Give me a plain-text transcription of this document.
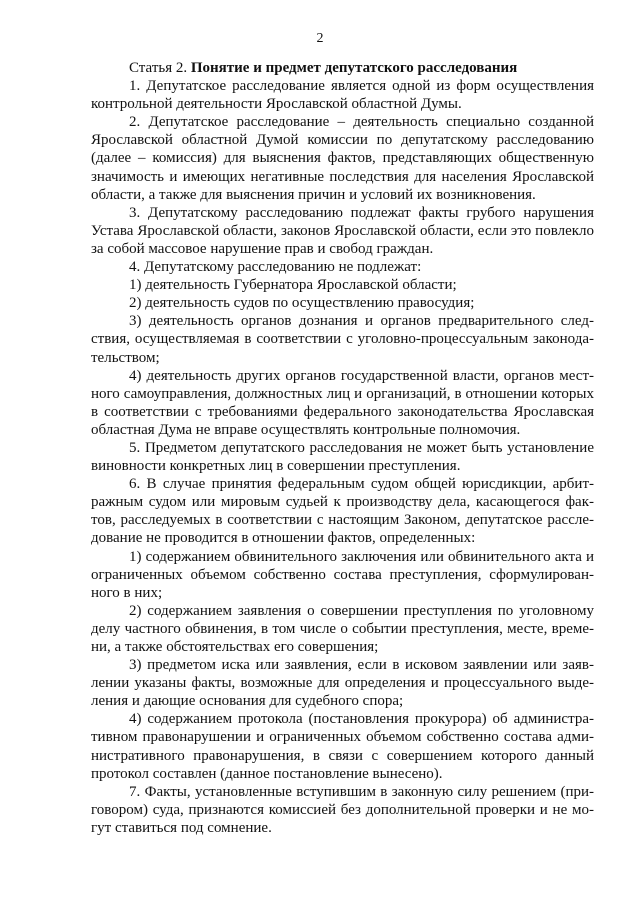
2

Статья 2. Понятие и предмет депутатского расследования

1. Депутатское расследование является одной из форм осуществления контрольной деятельности Ярославской областной Думы.

2. Депутатское расследование – деятельность специально созданной Ярославской областной Думой комиссии по депутатскому расследованию (далее – комиссия) для выяснения фактов, представляющих общественную значимость и имеющих негативные последствия для населения Ярославской области, а также для выяснения причин и условий их возникновения.

3. Депутатскому расследованию подлежат факты грубого нарушения Устава Ярославской области, законов Ярославской области, если это повлекло за собой массовое нарушение прав и свобод граждан.

4. Депутатскому расследованию не подлежат:

1) деятельность Губернатора Ярославской области;

2) деятельность судов по осуществлению правосудия;

3) деятельность органов дознания и органов предварительного следствия, осуществляемая в соответствии с уголовно-процессуальным законодательством;

4) деятельность других органов государственной власти, органов местного самоуправления, должностных лиц и организаций, в отношении которых в соответствии с требованиями федерального законодательства Ярославская областная Дума не вправе осуществлять контрольные полномочия.

5. Предметом депутатского расследования не может быть установление виновности конкретных лиц в совершении преступления.

6. В случае принятия федеральным судом общей юрисдикции, арбитражным судом или мировым судьей к производству дела, касающегося фактов, расследуемых в соответствии с настоящим Законом, депутатское расследование не проводится в отношении фактов, определенных:

1) содержанием обвинительного заключения или обвинительного акта и ограниченных объемом собственно состава преступления, сформулированного в них;

2) содержанием заявления о совершении преступления по уголовному делу частного обвинения, в том числе о событии преступления, месте, времени, а также обстоятельствах его совершения;

3) предметом иска или заявления, если в исковом заявлении или заявлении указаны факты, возможные для определения и процессуального выделения и дающие основания для судебного спора;

4) содержанием протокола (постановления прокурора) об административном правонарушении и ограниченных объемом собственно состава административного правонарушения, в связи с совершением которого данный протокол составлен (данное постановление вынесено).

7. Факты, установленные вступившим в законную силу решением (приговором) суда, признаются комиссией без дополнительной проверки и не могут ставиться под сомнение.
